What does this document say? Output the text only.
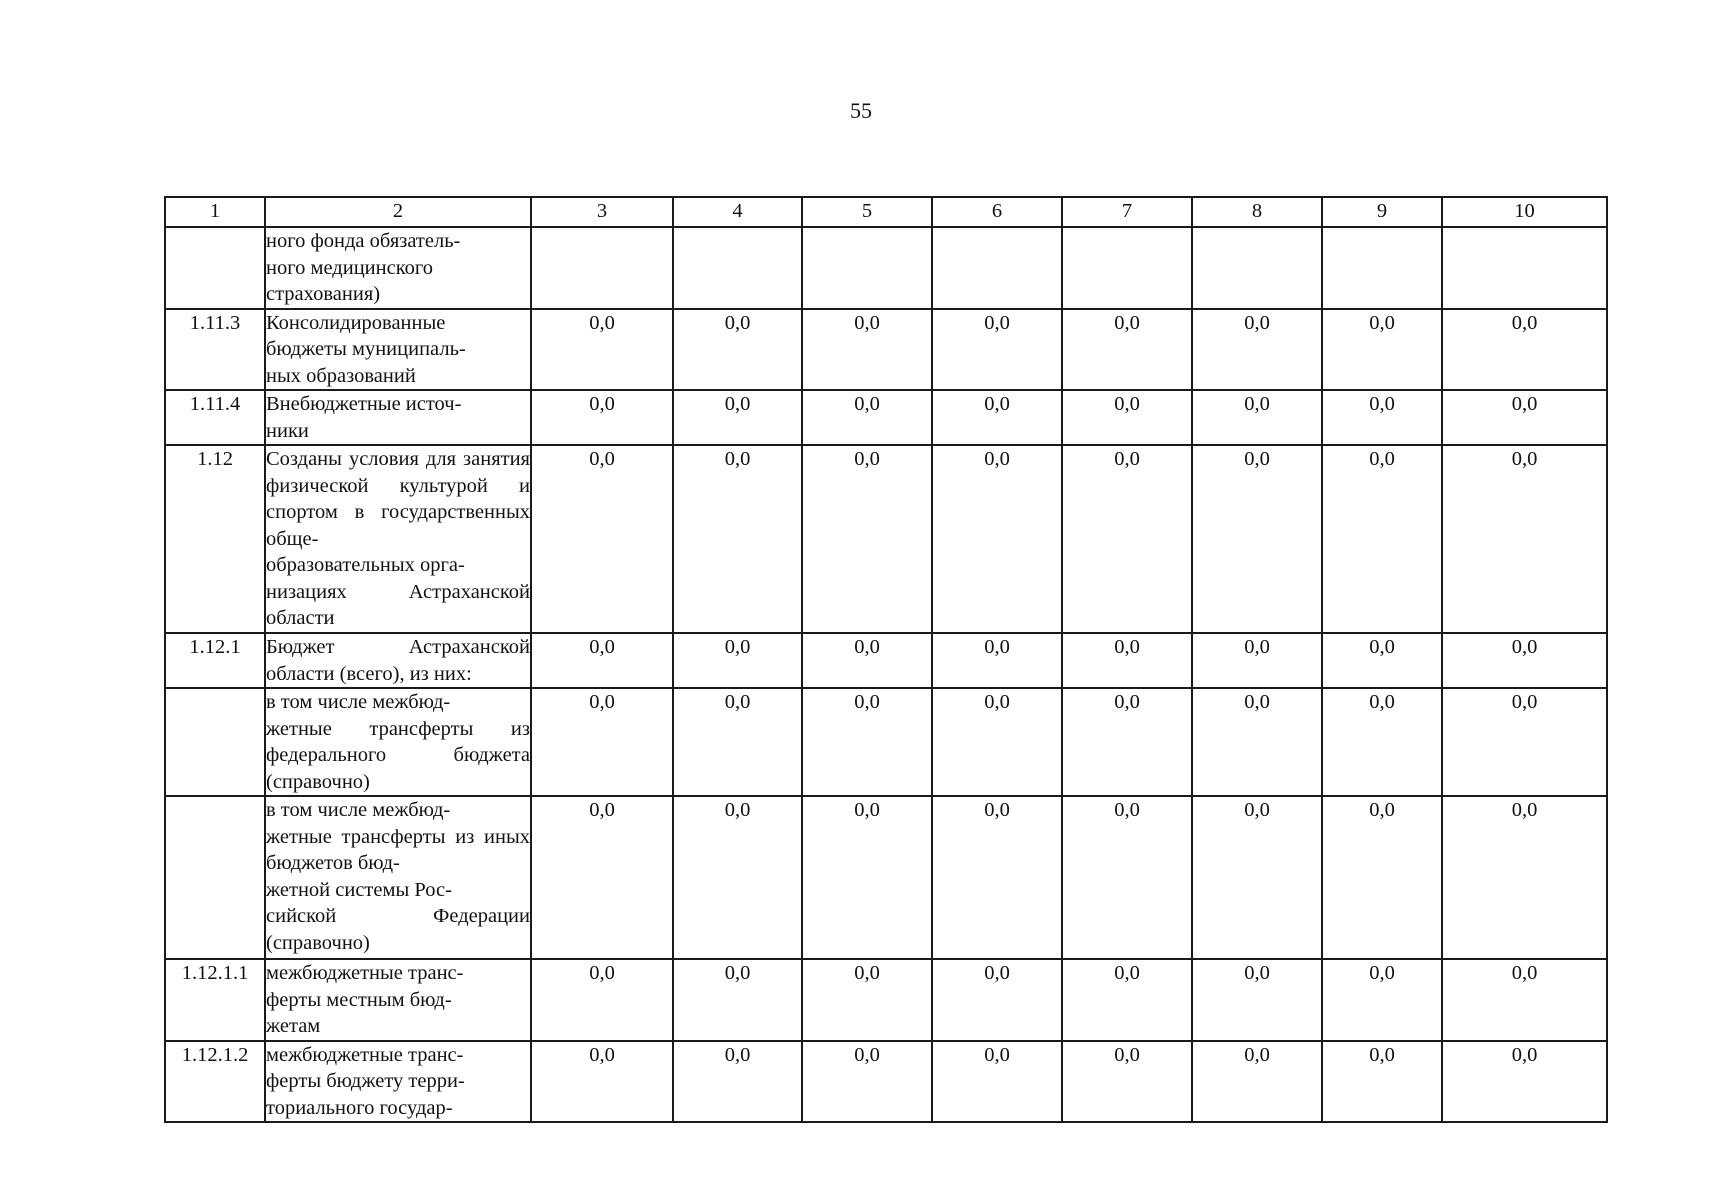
55
1	2	3	4	5	6	7	8	9	10
	ного фонда обязатель-
ного медицинского
страхования)								
1.11.3	Консолидированные бюджеты муниципаль-
ных образований	0,0	0,0	0,0	0,0	0,0	0,0	0,0	0,0
1.11.4	Внебюджетные источ-
ники	0,0	0,0	0,0	0,0	0,0	0,0	0,0	0,0
1.12	Созданы условия для занятия физической культурой и спортом в государственных обще-
образовательных орга-
низациях Астраханской области	0,0	0,0	0,0	0,0	0,0	0,0	0,0	0,0
1.12.1	Бюджет Астраханской области (всего), из них:	0,0	0,0	0,0	0,0	0,0	0,0	0,0	0,0
	в том числе межбюд-
жетные трансферты из федерального бюджета (справочно)	0,0	0,0	0,0	0,0	0,0	0,0	0,0	0,0
	в том числе межбюд-
жетные трансферты из иных бюджетов бюд-
жетной системы Рос-
сийской Федерации (справочно)	0,0	0,0	0,0	0,0	0,0	0,0	0,0	0,0
1.12.1.1	межбюджетные транс-
ферты местным бюд-
жетам	0,0	0,0	0,0	0,0	0,0	0,0	0,0	0,0
1.12.1.2	межбюджетные транс-
ферты бюджету терри-
ториального государ-	0,0	0,0	0,0	0,0	0,0	0,0	0,0	0,0
